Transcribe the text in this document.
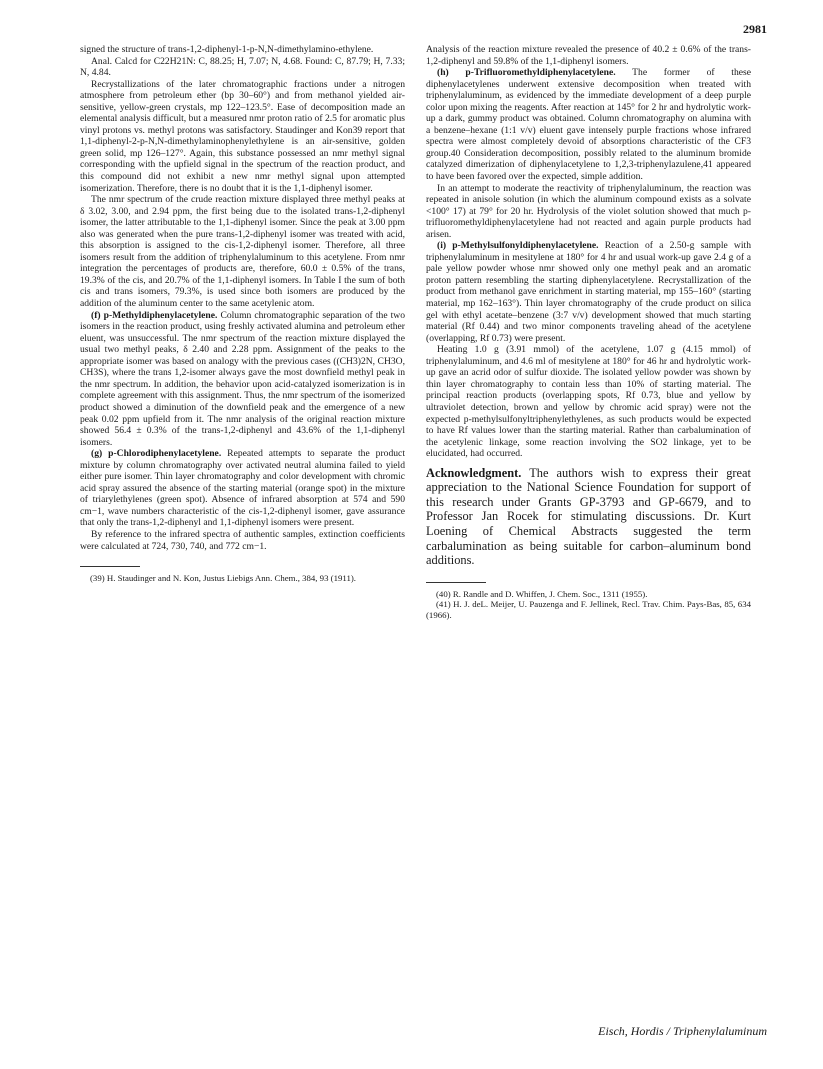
2981

signed the structure of trans-1,2-diphenyl-1-p-N,N-dimethylamino-ethylene.

Anal. Calcd for C22H21N: C, 88.25; H, 7.07; N, 4.68. Found: C, 87.79; H, 7.33; N, 4.84.

Recrystallizations of the later chromatographic fractions under a nitrogen atmosphere from petroleum ether (bp 30–60°) and from methanol yielded air-sensitive, yellow-green crystals, mp 122–123.5°. Ease of decomposition made an elemental analysis difficult, but a measured nmr proton ratio of 2.5 for aromatic plus vinyl protons vs. methyl protons was satisfactory. Staudinger and Kon39 report that 1,1-diphenyl-2-p-N,N-dimethylaminophenylethylene is an air-sensitive, golden green solid, mp 126–127°. Again, this substance possessed an nmr methyl signal corresponding with the upfield signal in the spectrum of the reaction product, and this compound did not exhibit a new nmr methyl signal upon attempted isomerization. Therefore, there is no doubt that it is the 1,1-diphenyl isomer.

The nmr spectrum of the crude reaction mixture displayed three methyl peaks at δ 3.02, 3.00, and 2.94 ppm, the first being due to the isolated trans-1,2-diphenyl isomer, the latter attributable to the 1,1-diphenyl isomer. Since the peak at 3.00 ppm also was generated when the pure trans-1,2-diphenyl isomer was treated with acid, this absorption is assigned to the cis-1,2-diphenyl isomer. Therefore, all three isomers result from the addition of triphenylaluminum to this acetylene. From nmr integration the percentages of products are, therefore, 60.0 ± 0.5% of the trans, 19.3% of the cis, and 20.7% of the 1,1-diphenyl isomers. In Table I the sum of both cis and trans isomers, 79.3%, is used since both isomers are produced by the addition of the aluminum center to the same acetylenic atom.

(f) p-Methyldiphenylacetylene. Column chromatographic separation of the two isomers in the reaction product, using freshly activated alumina and petroleum ether eluent, was unsuccessful. The nmr spectrum of the reaction mixture displayed the usual two methyl peaks, δ 2.40 and 2.28 ppm. Assignment of the peaks to the appropriate isomer was based on analogy with the previous cases ((CH3)2N, CH3O, CH3S), where the trans 1,2-isomer always gave the most downfield methyl peak in the nmr spectrum. In addition, the behavior upon acid-catalyzed isomerization is in complete agreement with this assignment. Thus, the nmr spectrum of the isomerized product showed a diminution of the downfield peak and the emergence of a new peak 0.02 ppm upfield from it. The nmr analysis of the original reaction mixture showed 56.4 ± 0.3% of the trans-1,2-diphenyl and 43.6% of the 1,1-diphenyl isomers.

(g) p-Chlorodiphenylacetylene. Repeated attempts to separate the product mixture by column chromatography over activated neutral alumina failed to yield either pure isomer. Thin layer chromatography and color development with chromic acid spray assured the absence of the starting material (orange spot) in the mixture of triarylethylenes (green spot). Absence of infrared absorption at 574 and 590 cm−1, wave numbers characteristic of the cis-1,2-diphenyl isomer, gave assurance that only the trans-1,2-diphenyl and 1,1-diphenyl isomers were present.

By reference to the infrared spectra of authentic samples, extinction coefficients were calculated at 724, 730, 740, and 772 cm−1.

(39) H. Staudinger and N. Kon, Justus Liebigs Ann. Chem., 384, 93 (1911).

Analysis of the reaction mixture revealed the presence of 40.2 ± 0.6% of the trans-1,2-diphenyl and 59.8% of the 1,1-diphenyl isomers.

(h) p-Trifluoromethyldiphenylacetylene. The former of these diphenylacetylenes underwent extensive decomposition when treated with triphenylaluminum, as evidenced by the immediate development of a deep purple color upon mixing the reagents. After reaction at 145° for 2 hr and hydrolytic work-up a dark, gummy product was obtained. Column chromatography on alumina with a benzene–hexane (1:1 v/v) eluent gave intensely purple fractions whose infrared spectra were almost completely devoid of absorptions characteristic of the CF3 group.40 Consideration decomposition, possibly related to the aluminum bromide catalyzed dimerization of diphenylacetylene to 1,2,3-triphenylazulene,41 appeared to have been favored over the expected, simple addition.

In an attempt to moderate the reactivity of triphenylaluminum, the reaction was repeated in anisole solution (in which the aluminum compound exists as a solvate <100° 17) at 79° for 20 hr. Hydrolysis of the violet solution showed that much p-trifluoromethyldiphenylacetylene had not reacted and again purple products had arisen.

(i) p-Methylsulfonyldiphenylacetylene. Reaction of a 2.50-g sample with triphenylaluminum in mesitylene at 180° for 4 hr and usual work-up gave 2.4 g of a pale yellow powder whose nmr showed only one methyl peak and an aromatic proton pattern resembling the starting diphenylacetylene. Recrystallization of the product from methanol gave enrichment in starting material, mp 155–160° (starting material, mp 162–163°). Thin layer chromatography of the crude product on silica gel with ethyl acetate–benzene (3:7 v/v) development showed that much starting material (Rf 0.44) and two minor components traveling ahead of the acetylene (overlapping, Rf 0.73) were present.

Heating 1.0 g (3.91 mmol) of the acetylene, 1.07 g (4.15 mmol) of triphenylaluminum, and 4.6 ml of mesitylene at 180° for 46 hr and hydrolytic work-up gave an acrid odor of sulfur dioxide. The isolated yellow powder was shown by thin layer chromatography to contain less than 10% of starting material. The principal reaction products (overlapping spots, Rf 0.73, blue and yellow by ultraviolet detection, brown and yellow by chromic acid spray) were not the expected p-methylsulfonyltriphenylethylenes, as such products would be expected to have Rf values lower than the starting material. Rather than carbalumination of the acetylenic linkage, some reaction involving the SO2 linkage, yet to be elucidated, had occurred.

Acknowledgment. The authors wish to express their great appreciation to the National Science Foundation for support of this research under Grants GP-3793 and GP-6679, and to Professor Jan Rocek for stimulating discussions. Dr. Kurt Loening of Chemical Abstracts suggested the term carbalumination as being suitable for carbon–aluminum bond additions.

(40) R. Randle and D. Whiffen, J. Chem. Soc., 1311 (1955).

(41) H. J. deL. Meijer, U. Pauzenga and F. Jellinek, Recl. Trav. Chim. Pays-Bas, 85, 634 (1966).

Eisch, Hordis / Triphenylaluminum
